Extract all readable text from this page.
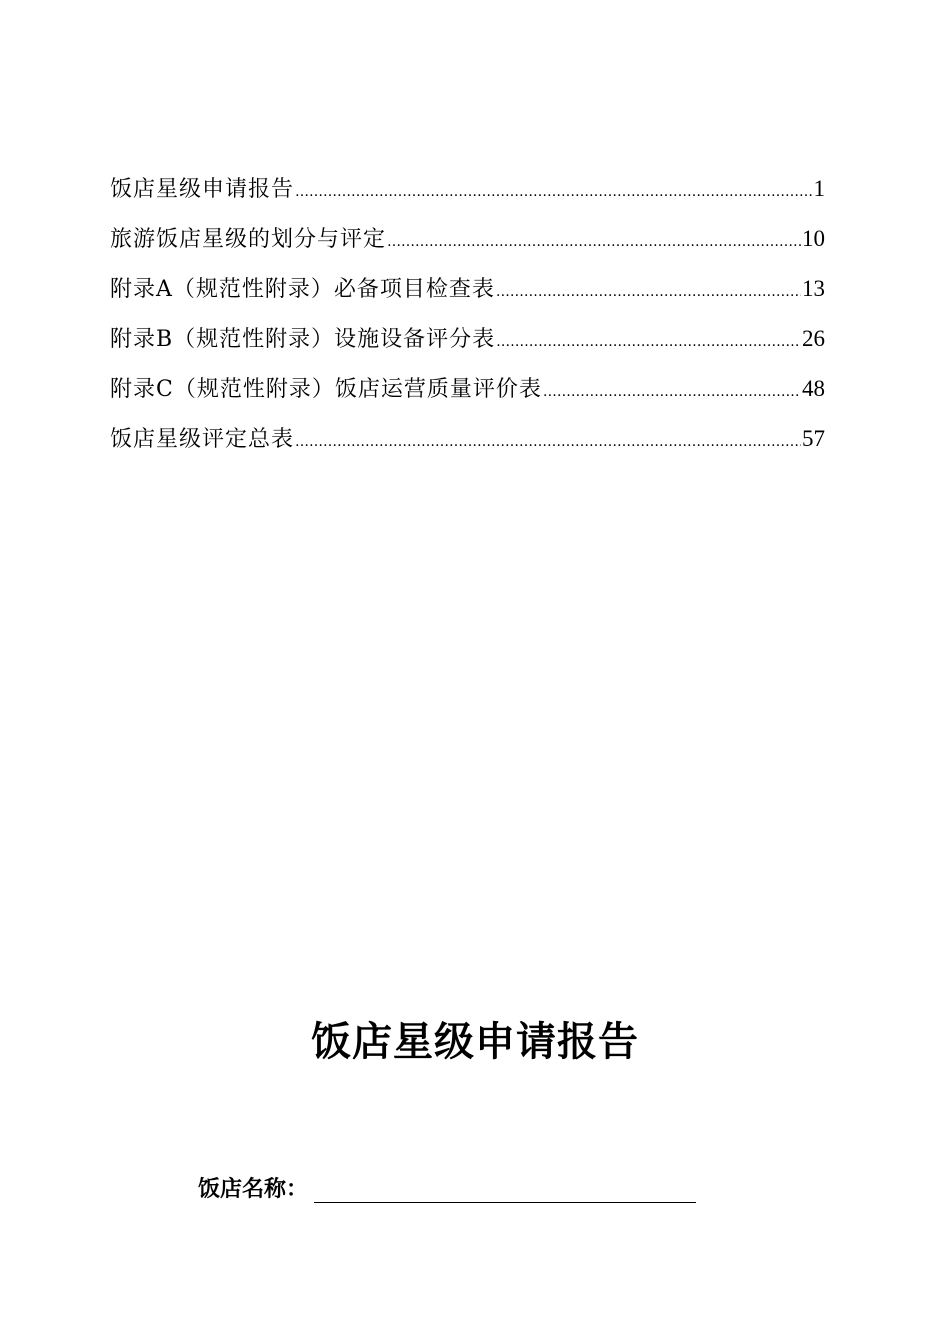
饭店星级申请报告 …………………………………………………………………………………………………………………………………………………………………………	1
旅游饭店星级的划分与评定 …………………………………………………………………………………………………………………………………………………………………………	10
附录A（规范性附录）必备项目检查表 …………………………………………………………………………………………………………………………………………………………………………	13
附录B（规范性附录）设施设备评分表 …………………………………………………………………………………………………………………………………………………………………………	26
附录C（规范性附录）饭店运营质量评价表 …………………………………………………………………………………………………………………………………………………………………………	48
饭店星级评定总表 …………………………………………………………………………………………………………………………………………………………………………	57
饭店星级申请报告
饭店名称：
